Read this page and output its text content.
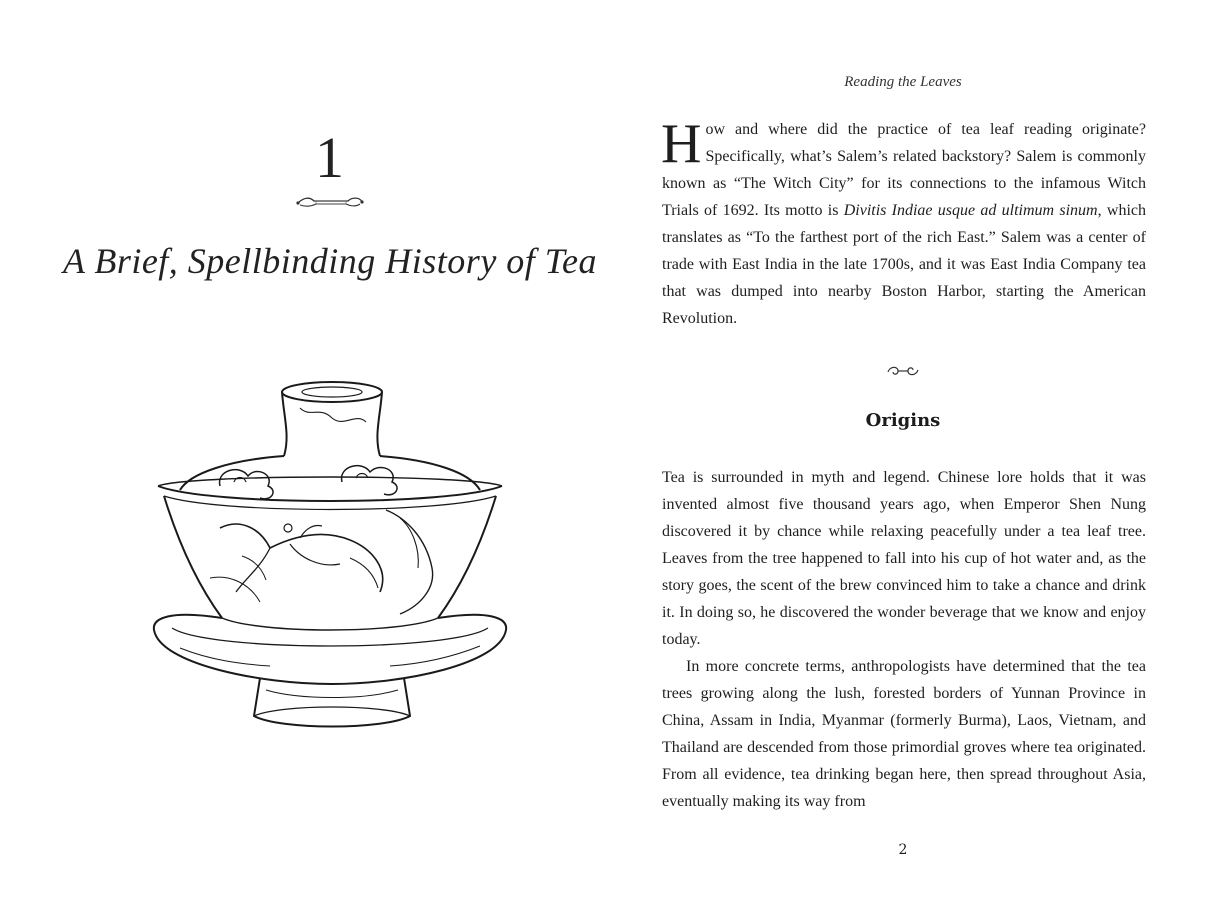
1
A Brief, Spellbinding History of Tea
Reading the Leaves

How and where did the practice of tea leaf reading originate? Specifically, what’s Salem’s related backstory? Salem is commonly known as “The Witch City” for its connections to the infamous Witch Trials of 1692. Its motto is Divitis Indiae usque ad ultimum sinum, which translates as “To the farthest port of the rich East.” Salem was a center of trade with East India in the late 1700s, and it was East India Company tea that was dumped into nearby Boston Harbor, starting the American Revolution.

Origins

Tea is surrounded in myth and legend. Chinese lore holds that it was invented almost five thousand years ago, when Emperor Shen Nung discovered it by chance while relaxing peacefully under a tea leaf tree. Leaves from the tree happened to fall into his cup of hot water and, as the story goes, the scent of the brew convinced him to take a chance and drink it. In doing so, he discovered the wonder beverage that we know and enjoy today.

In more concrete terms, anthropologists have determined that the tea trees growing along the lush, forested borders of Yunnan Province in China, Assam in India, Myanmar (formerly Burma), Laos, Vietnam, and Thailand are descended from those primordial groves where tea originated. From all evidence, tea drinking began here, then spread throughout Asia, eventually making its way from

2
